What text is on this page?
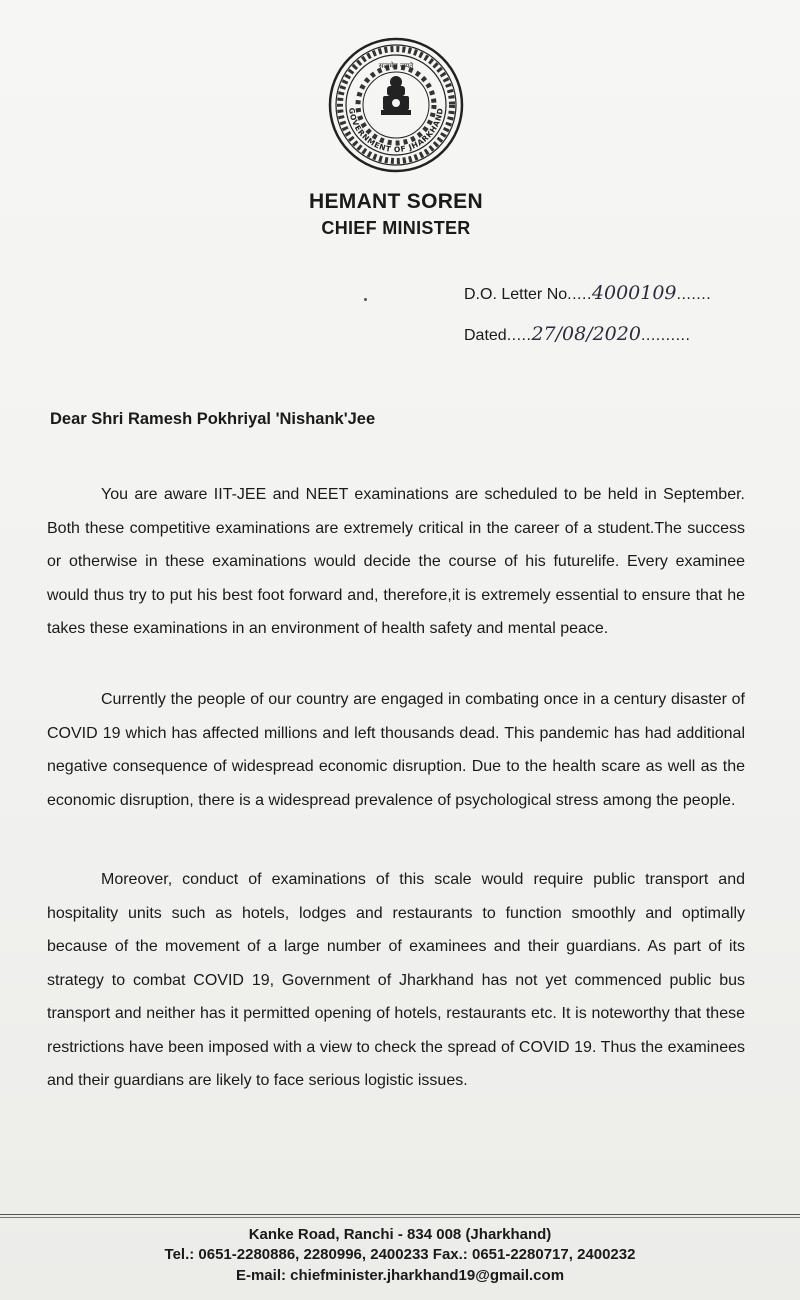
सत्यमेव जयते
GOVERNMENT OF JHARKHAND
HEMANT SOREN
CHIEF MINISTER
D.O. Letter No.....4000109.......
Dated.....27/08/2020..........
Dear Shri Ramesh Pokhriyal 'Nishank'Jee

You are aware IIT-JEE and NEET examinations are scheduled to be held in September. Both these competitive examinations are extremely critical in the career of a student.The success or otherwise in these examinations would decide the course of his futurelife. Every examinee would thus try to put his best foot forward and, therefore,it is extremely essential to ensure that he takes these examinations in an environment of health safety and mental peace.

Currently the people of our country are engaged in combating once in a century disaster of COVID 19 which has affected millions and left thousands dead. This pandemic has had additional negative consequence of widespread economic disruption. Due to the health scare as well as the economic disruption, there is a widespread prevalence of psychological stress among the people.

Moreover, conduct of examinations of this scale would require public transport and hospitality units such as hotels, lodges and restaurants to function smoothly and optimally because of the movement of a large number of examinees and their guardians. As part of its strategy to combat COVID 19, Government of Jharkhand has not yet commenced public bus transport and neither has it permitted opening of hotels, restaurants etc. It is noteworthy that these restrictions have been imposed with a view to check the spread of COVID 19. Thus the examinees and their guardians are likely to face serious logistic issues.

Kanke Road, Ranchi - 834 008 (Jharkhand)
Tel.: 0651-2280886, 2280996, 2400233 Fax.: 0651-2280717, 2400232
E-mail: chiefminister.jharkhand19@gmail.com
